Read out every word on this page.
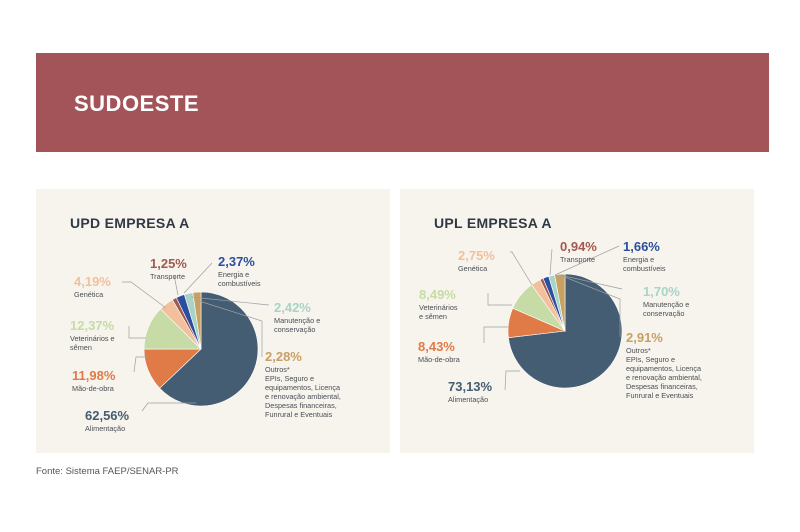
SUDOESTE
UPD EMPRESA A
62,56%
Alimentação
11,98%
Mão-de-obra
12,37%
Veterinários e
sêmen
4,19%
Genética
1,25%
Transporte
2,37%
Energia e
combustíveis
2,42%
Manutenção e
conservação
2,28%
Outros*
EPIs, Seguro e
equipamentos, Licença
e renovação ambiental,
Despesas financeiras,
Funrural e Eventuais
UPL EMPRESA A
73,13%
Alimentação
8,43%
Mão-de-obra
8,49%
Veterinários
e sêmen
2,75%
Genética
0,94%
Transporte
1,66%
Energia e
combustíveis
1,70%
Manutenção e
conservação
2,91%
Outros*
EPIs, Seguro e
equipamentos, Licença
e renovação ambiental,
Despesas financeiras,
Funrural e Eventuais
Fonte: Sistema FAEP/SENAR-PR
